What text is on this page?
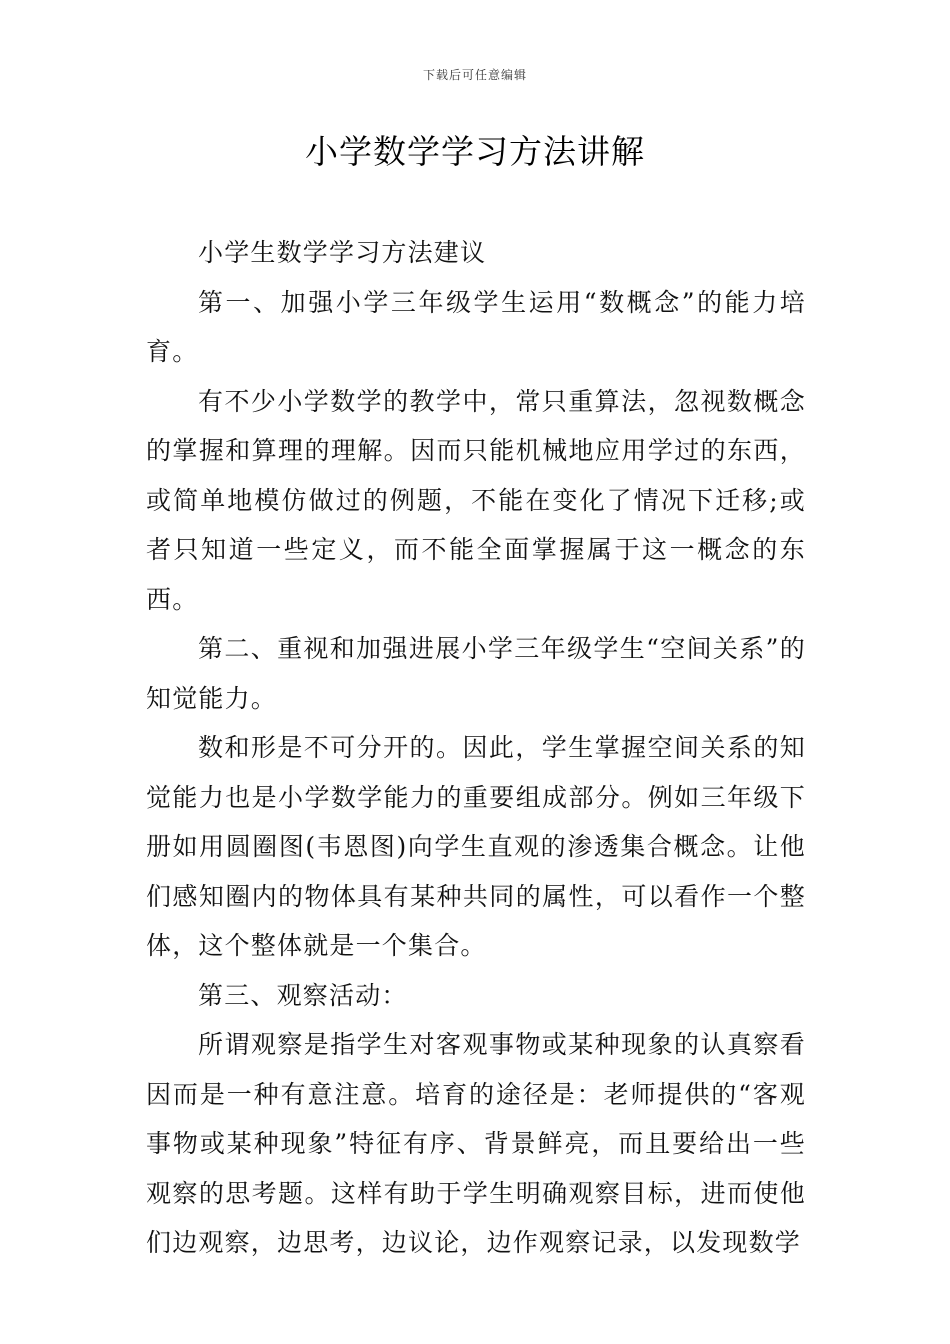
下载后可任意编辑
小学数学学习方法讲解

小学生数学学习方法建议

第一、加强小学三年级学生运用“数概念”的能力培育。

有不少小学数学的教学中，常只重算法，忽视数概念的掌握和算理的理解。因而只能机械地应用学过的东西，或简单地模仿做过的例题，不能在变化了情况下迁移;或者只知道一些定义，而不能全面掌握属于这一概念的东西。

第二、重视和加强进展小学三年级学生“空间关系”的知觉能力。

数和形是不可分开的。因此，学生掌握空间关系的知觉能力也是小学数学能力的重要组成部分。例如三年级下册如用圆圈图(韦恩图)向学生直观的渗透集合概念。让他们感知圈内的物体具有某种共同的属性，可以看作一个整体，这个整体就是一个集合。

第三、观察活动：

所谓观察是指学生对客观事物或某种现象的认真察看因而是一种有意注意。培育的途径是：老师提供的“客观事物或某种现象”特征有序、背景鲜亮，而且要给出一些观察的思考题。这样有助于学生明确观察目标，进而使他们边观察，边思考，边议论，边作观察记录，以发现数学
